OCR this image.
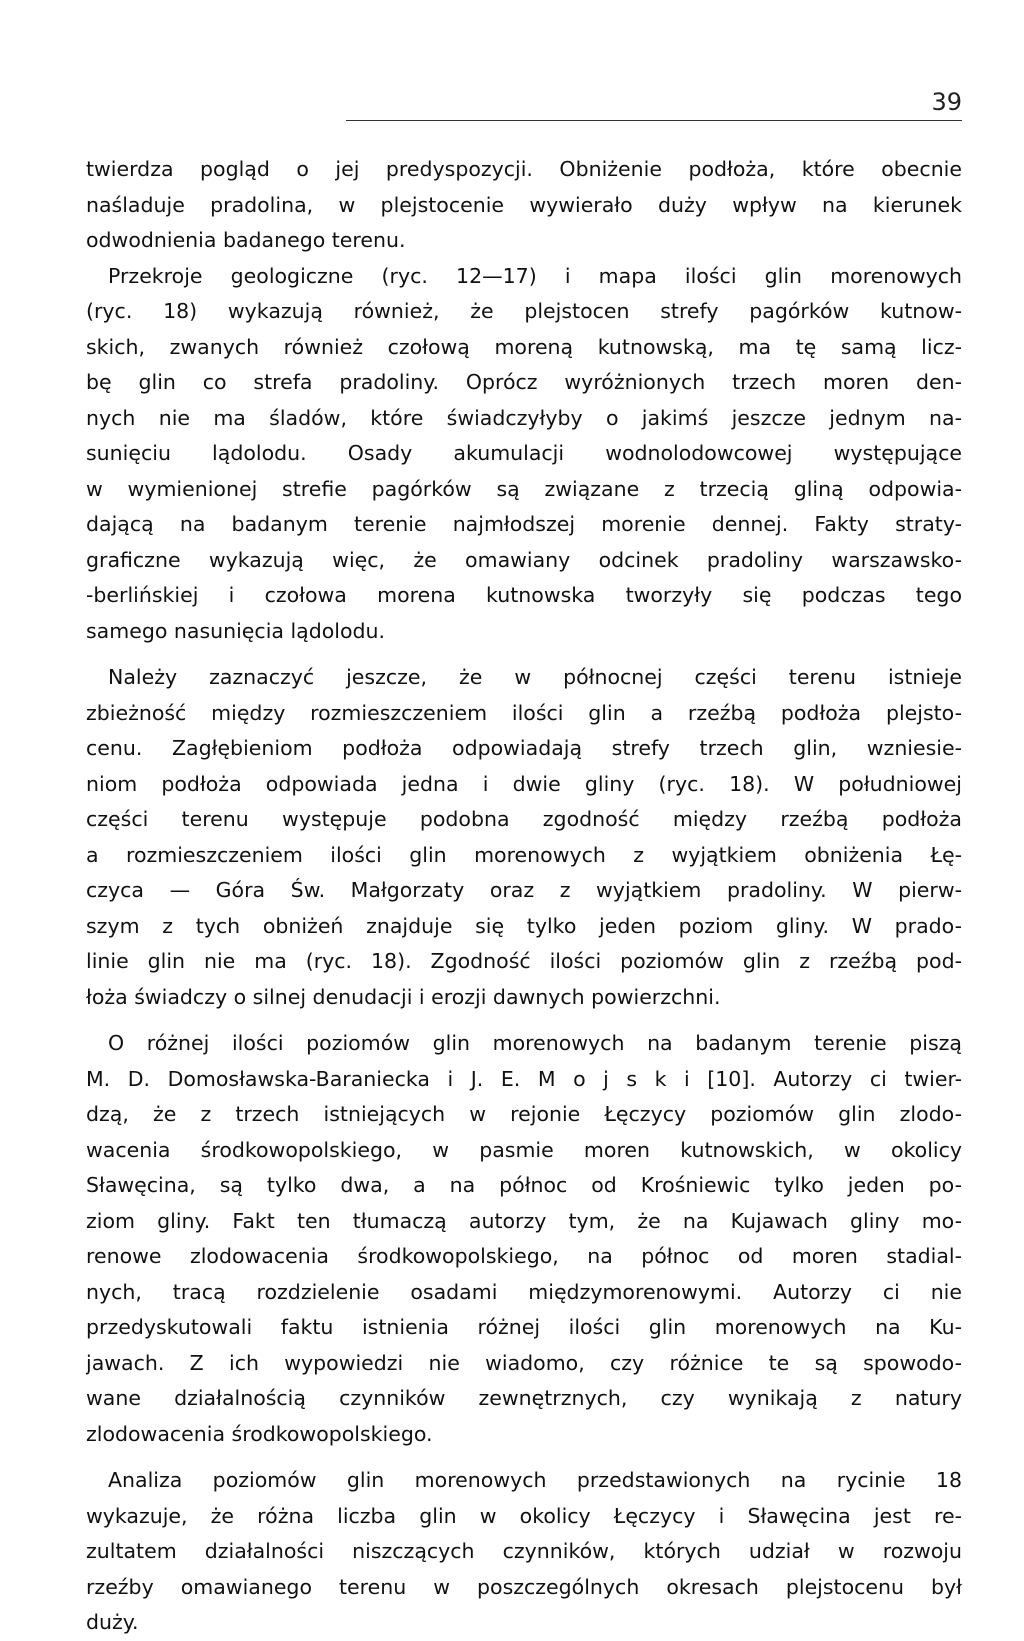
39
twierdza pogląd o jej predyspozycji. Obniżenie podłoża, które obecnie
naśladuje pradolina, w plejstocenie wywierało duży wpływ na kierunek
odwodnienia badanego terenu.
Przekroje geologiczne (ryc. 12—17) i mapa ilości glin morenowych
(ryc. 18) wykazują również, że plejstocen strefy pagórków kutnow-
skich, zwanych również czołową moreną kutnowską, ma tę samą licz-
bę glin co strefa pradoliny. Oprócz wyróżnionych trzech moren den-
nych nie ma śladów, które świadczyłyby o jakimś jeszcze jednym na-
sunięciu lądolodu. Osady akumulacji wodnolodowcowej występujące
w wymienionej strefie pagórków są związane z trzecią gliną odpowia-
dającą na badanym terenie najmłodszej morenie dennej. Fakty straty-
graficzne wykazują więc, że omawiany odcinek pradoliny warszawsko-
-berlińskiej i czołowa morena kutnowska tworzyły się podczas tego
samego nasunięcia lądolodu.
Należy zaznaczyć jeszcze, że w północnej części terenu istnieje
zbieżność między rozmieszczeniem ilości glin a rzeźbą podłoża plejsto-
cenu. Zagłębieniom podłoża odpowiadają strefy trzech glin, wzniesie-
niom podłoża odpowiada jedna i dwie gliny (ryc. 18). W południowej
części terenu występuje podobna zgodność między rzeźbą podłoża
a rozmieszczeniem ilości glin morenowych z wyjątkiem obniżenia Łę-
czyca — Góra Św. Małgorzaty oraz z wyjątkiem pradoliny. W pierw-
szym z tych obniżeń znajduje się tylko jeden poziom gliny. W prado-
linie glin nie ma (ryc. 18). Zgodność ilości poziomów glin z rzeźbą pod-
łoża świadczy o silnej denudacji i erozji dawnych powierzchni.
O różnej ilości poziomów glin morenowych na badanym terenie piszą
M. D. Domosławska-Baraniecka i J. E. M o j s k i [10]. Autorzy ci twier-
dzą, że z trzech istniejących w rejonie Łęczycy poziomów glin zlodo-
wacenia środkowopolskiego, w pasmie moren kutnowskich, w okolicy
Sławęcina, są tylko dwa, a na północ od Krośniewic tylko jeden po-
ziom gliny. Fakt ten tłumaczą autorzy tym, że na Kujawach gliny mo-
renowe zlodowacenia środkowopolskiego, na północ od moren stadial-
nych, tracą rozdzielenie osadami międzymorenowymi. Autorzy ci nie
przedyskutowali faktu istnienia różnej ilości glin morenowych na Ku-
jawach. Z ich wypowiedzi nie wiadomo, czy różnice te są spowodo-
wane działalnością czynników zewnętrznych, czy wynikają z natury
zlodowacenia środkowopolskiego.
Analiza poziomów glin morenowych przedstawionych na rycinie 18
wykazuje, że różna liczba glin w okolicy Łęczycy i Sławęcina jest re-
zultatem działalności niszczących czynników, których udział w rozwoju
rzeźby omawianego terenu w poszczególnych okresach plejstocenu był
duży.
